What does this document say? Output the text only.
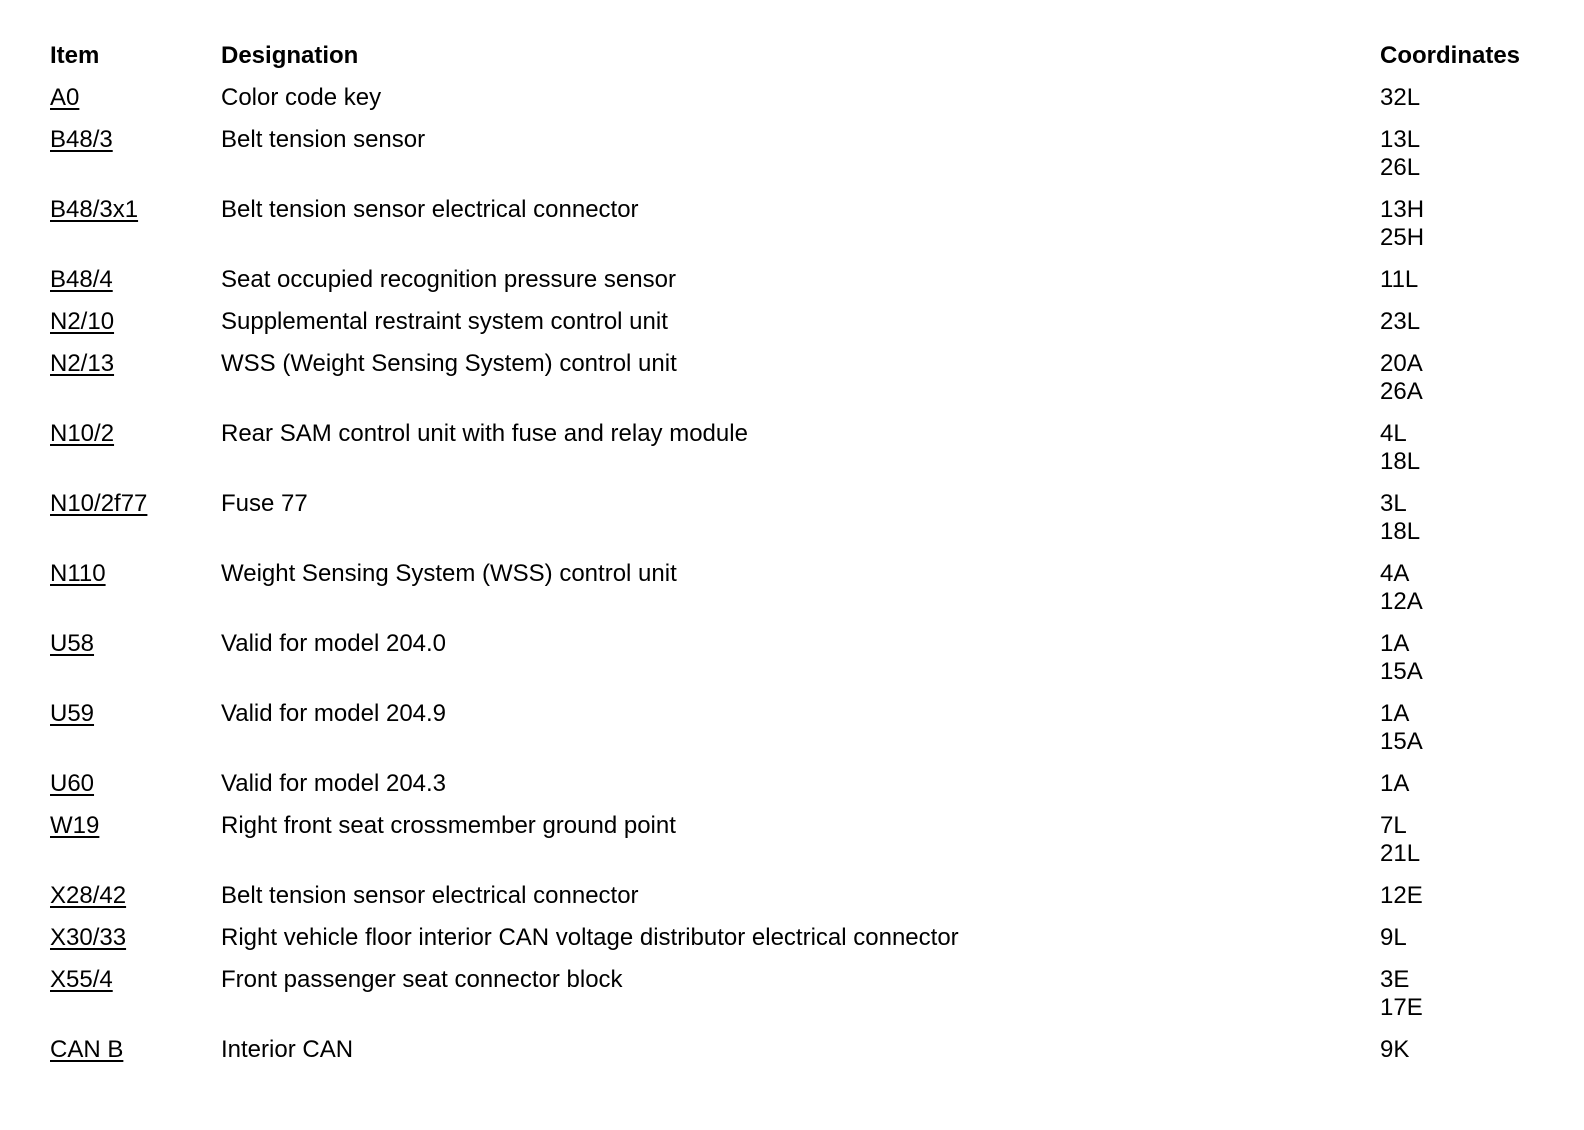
Item	Designation	Coordinates
A0	Color code key	32L
B48/3	Belt tension sensor	13L
26L
B48/3x1	Belt tension sensor electrical connector	13H
25H
B48/4	Seat occupied recognition pressure sensor	11L
N2/10	Supplemental restraint system control unit	23L
N2/13	WSS (Weight Sensing System) control unit	20A
26A
N10/2	Rear SAM control unit with fuse and relay module	4L
18L
N10/2f77	Fuse 77	3L
18L
N110	Weight Sensing System (WSS) control unit	4A
12A
U58	Valid for model 204.0	1A
15A
U59	Valid for model 204.9	1A
15A
U60	Valid for model 204.3	1A
W19	Right front seat crossmember ground point	7L
21L
X28/42	Belt tension sensor electrical connector	12E
X30/33	Right vehicle floor interior CAN voltage distributor electrical connector	9L
X55/4	Front passenger seat connector block	3E
17E
CAN B	Interior CAN	9K
